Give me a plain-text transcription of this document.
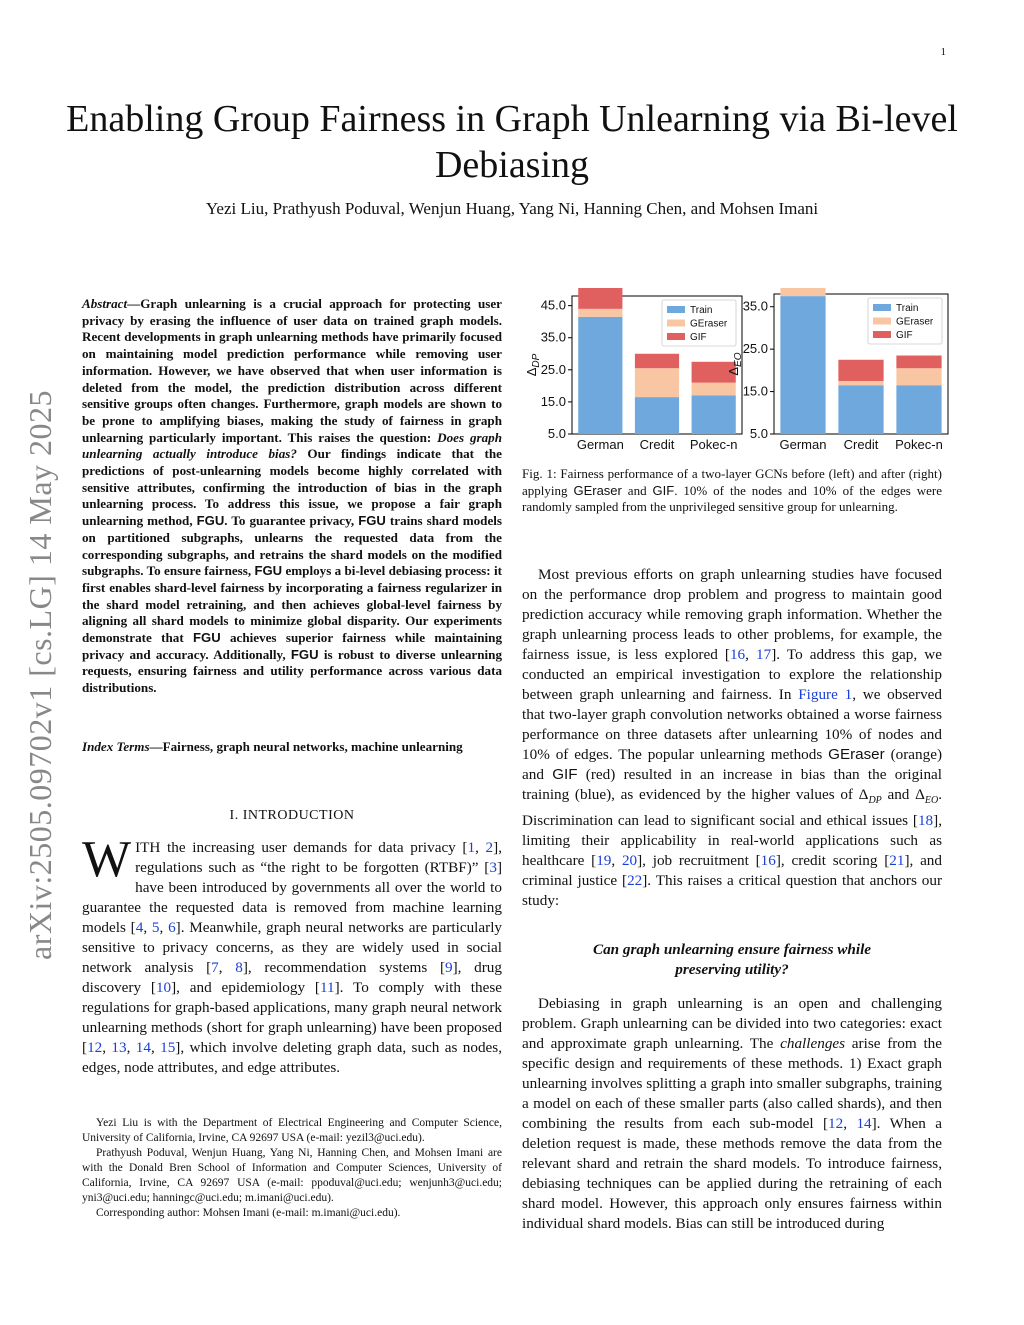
1
Enabling Group Fairness in Graph Unlearning via Bi-level Debiasing
Yezi Liu, Prathyush Poduval, Wenjun Huang, Yang Ni, Hanning Chen, and Mohsen Imani
arXiv:2505.09702v1 [cs.LG] 14 May 2025
Abstract—Graph unlearning is a crucial approach for protecting user privacy by erasing the influence of user data on trained graph models. Recent developments in graph unlearning methods have primarily focused on maintaining model prediction performance while removing user information. However, we have observed that when user information is deleted from the model, the prediction distribution across different sensitive groups often changes. Furthermore, graph models are shown to be prone to amplifying biases, making the study of fairness in graph unlearning particularly important. This raises the question: Does graph unlearning actually introduce bias? Our findings indicate that the predictions of post-unlearning models become highly correlated with sensitive attributes, confirming the introduction of bias in the graph unlearning process. To address this issue, we propose a fair graph unlearning method, FGU. To guarantee privacy, FGU trains shard models on partitioned subgraphs, unlearns the requested data from the corresponding subgraphs, and retrains the shard models on the modified subgraphs. To ensure fairness, FGU employs a bi-level debiasing process: it first enables shard-level fairness by incorporating a fairness regularizer in the shard model retraining, and then achieves global-level fairness by aligning all shard models to minimize global disparity. Our experiments demonstrate that FGU achieves superior fairness while maintaining privacy and accuracy. Additionally, FGU is robust to diverse unlearning requests, ensuring fairness and utility performance across various data distributions.
Index Terms—Fairness, graph neural networks, machine unlearning
I. INTRODUCTION
WITH the increasing user demands for data privacy [1, 2], regulations such as “the right to be forgotten (RTBF)” [3] have been introduced by governments all over the world to guarantee the requested data is removed from machine learning models [4, 5, 6]. Meanwhile, graph neural networks are particularly sensitive to privacy concerns, as they are widely used in social network analysis [7, 8], recommendation systems [9], drug discovery [10], and epidemiology [11]. To comply with these regulations for graph-based applications, many graph neural network unlearning methods (short for graph unlearning) have been proposed [12, 13, 14, 15], which involve deleting graph data, such as nodes, edges, node attributes, and edge attributes.

Yezi Liu is with the Department of Electrical Engineering and Computer Science, University of California, Irvine, CA 92697 USA (e-mail: yezil3@uci.edu).

Prathyush Poduval, Wenjun Huang, Yang Ni, Hanning Chen, and Mohsen Imani are with the Donald Bren School of Information and Computer Sciences, University of California, Irvine, CA 92697 USA (e-mail: ppoduval@uci.edu; wenjunh3@uci.edu; yni3@uci.edu; hanningc@uci.edu; m.imani@uci.edu).

Corresponding author: Mohsen Imani (e-mail: m.imani@uci.edu).

5.0
15.0
25.0
35.0
45.0
$\Delta_{DP}$
German Credit Pokec-n
Train
GEraser
GIF
5.0
15.0
25.0
35.0
$\Delta_{EO}$
German Credit Pokec-n
Train
GEraser
GIF
Fig. 1: Fairness performance of a two-layer GCNs before (left) and after (right) applying GEraser and GIF. 10% of the nodes and 10% of the edges were randomly sampled from the unprivileged sensitive group for unlearning.
Most previous efforts on graph unlearning studies have focused on the performance drop problem and progress to maintain good prediction accuracy while removing graph information. Whether the graph unlearning process leads to other problems, for example, the fairness issue, is less explored [16, 17]. To address this gap, we conducted an empirical investigation to explore the relationship between graph unlearning and fairness. In Figure 1, we observed that two-layer graph convolution networks obtained a worse fairness performance on three datasets after unlearning 10% of nodes and 10% of edges. The popular unlearning methods GEraser (orange) and GIF (red) resulted in an increase in bias than the original training (blue), as evidenced by the higher values of $\Delta_{DP}$ and $\Delta_{EO}$. Discrimination can lead to significant social and ethical issues [18], limiting their applicability in real-world applications such as healthcare [19, 20], job recruitment [16], credit scoring [21], and criminal justice [22]. This raises a critical question that anchors our study:
Can graph unlearning ensure fairness while
preserving utility?
Debiasing in graph unlearning is an open and challenging problem. Graph unlearning can be divided into two categories: exact and approximate graph unlearning. The challenges arise from the specific design and requirements of these methods. 1) Exact graph unlearning involves splitting a graph into smaller subgraphs, training a model on each of these smaller parts (also called shards), and then combining the results from each sub-model [12, 14]. When a deletion request is made, these methods remove the data from the relevant shard and retrain the shard models. To introduce fairness, debiasing techniques can be applied during the retraining of each shard model. However, this approach only ensures fairness within individual shard models. Bias can still be introduced during
